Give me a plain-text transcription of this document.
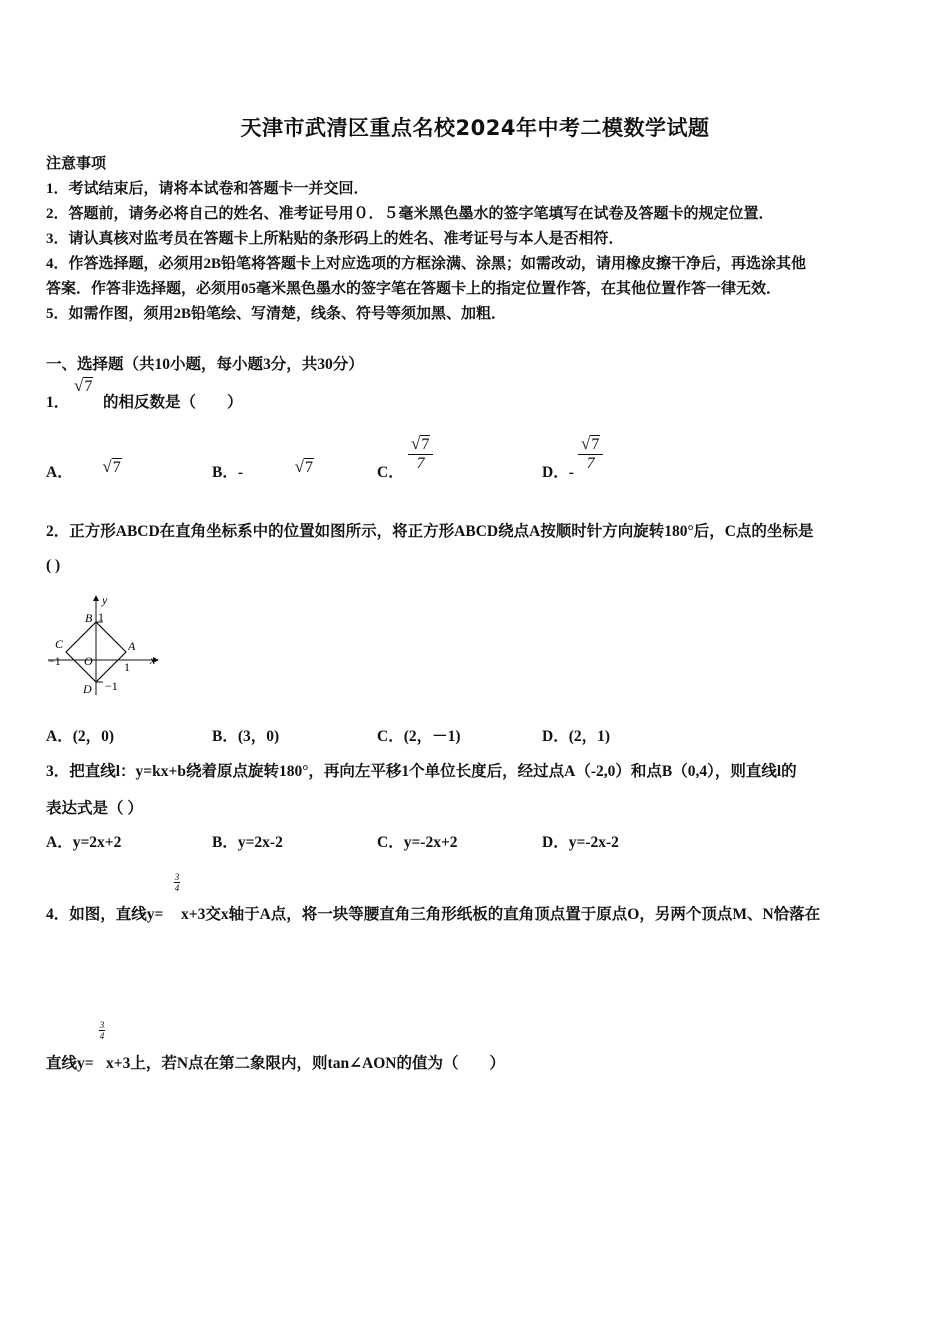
天津市武清区重点名校2024年中考二模数学试题
注意事项
1．考试结束后，请将本试卷和答题卡一并交回．
2．答题前，请务必将自己的姓名、准考证号用０．５毫米黑色墨水的签字笔填写在试卷及答题卡的规定位置．
3．请认真核对监考员在答题卡上所粘贴的条形码上的姓名、准考证号与本人是否相符．
4．作答选择题，必须用2B铅笔将答题卡上对应选项的方框涂满、涂黑；如需改动，请用橡皮擦干净后，再选涂其他
答案．作答非选择题，必须用05毫米黑色墨水的签字笔在答题卡上的指定位置作答，在其他位置作答一律无效．
5．如需作图，须用2B铅笔绘、写清楚，线条、符号等须加黑、加粗．
一、选择题（共10小题，每小题3分，共30分）
1．
√7
的相反数是（　　）
A． √7	B．-	√7	C． $\frac{√7}{7}$	D．- $\frac{√7}{7}$
2．正方形ABCD在直角坐标系中的位置如图所示，将正方形ABCD绕点A按顺时针方向旋转180°后，C点的坐标是
( )
y
x
O
A
B
C
D
1
1
−1
−1
A．(2，0)	B．(3，0)	C．(2，－1)	D．(2，1)
3．把直线l：y=kx+b绕着原点旋转180°，再向左平移1个单位长度后，经过点A（-2,0）和点B（0,4），则直线l的
表达式是（ ）
A．y=2x+2	B．y=2x-2	C．y=-2x+2	D．y=-2x-2
3
4
4．如图，直线y= x+3交x轴于A点，将一块等腰直角三角形纸板的直角顶点置于原点O，另两个顶点M、N恰落在
3
4
直线y= x+3上，若N点在第二象限内，则tan∠AON的值为（　　）
